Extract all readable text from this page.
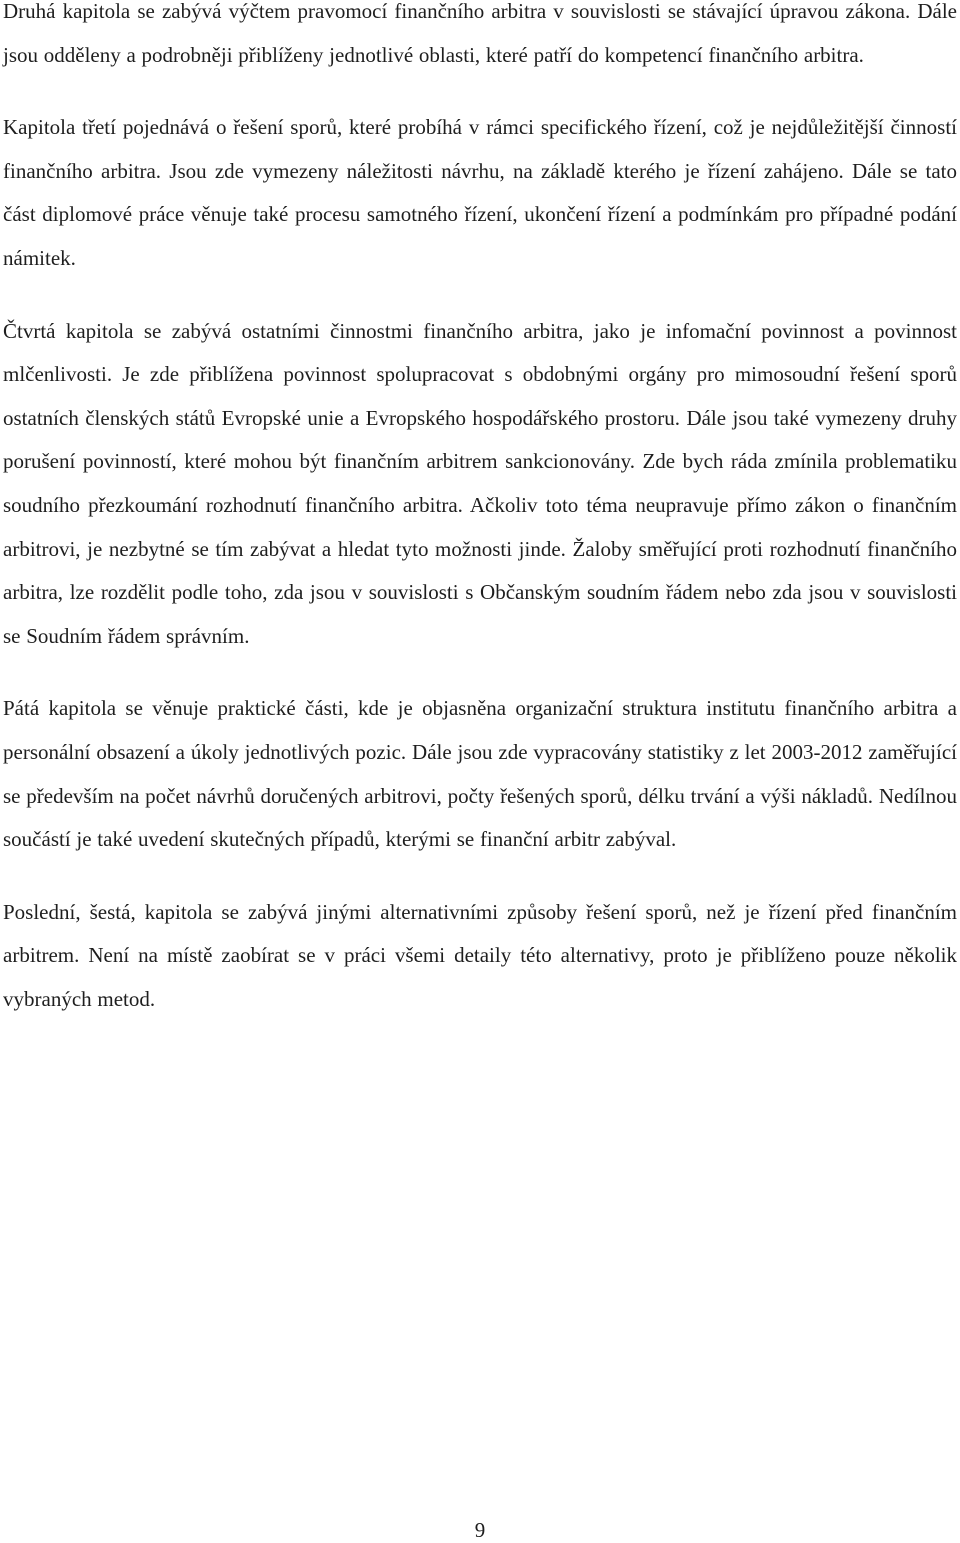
Druhá kapitola se zabývá výčtem pravomocí finančního arbitra v souvislosti se stávající úpravou zákona. Dále jsou odděleny a podrobněji přiblíženy jednotlivé oblasti, které patří do kompetencí finančního arbitra.

Kapitola třetí pojednává o řešení sporů, které probíhá v rámci specifického řízení, což je nejdůležitější činností finančního arbitra. Jsou zde vymezeny náležitosti návrhu, na základě kterého je řízení zahájeno. Dále se tato část diplomové práce věnuje také procesu samotného řízení, ukončení řízení a podmínkám pro případné podání námitek.

Čtvrtá kapitola se zabývá ostatními činnostmi finančního arbitra, jako je infomační povinnost a povinnost mlčenlivosti. Je zde přiblížena povinnost spolupracovat s obdobnými orgány pro mimosoudní řešení sporů ostatních členských států Evropské unie a Evropského hospodářského prostoru. Dále jsou také vymezeny druhy porušení povinností, které mohou být finančním arbitrem sankcionovány. Zde bych ráda zmínila problematiku soudního přezkoumání rozhodnutí finančního arbitra. Ačkoliv toto téma neupravuje přímo zákon o finančním arbitrovi, je nezbytné se tím zabývat a hledat tyto možnosti jinde. Žaloby směřující proti rozhodnutí finančního arbitra, lze rozdělit podle toho, zda jsou v souvislosti s Občanským soudním řádem nebo zda jsou v souvislosti se Soudním řádem správním.

Pátá kapitola se věnuje praktické části, kde je objasněna organizační struktura institutu finančního arbitra a personální obsazení a úkoly jednotlivých pozic. Dále jsou zde vypracovány statistiky z let 2003-2012 zaměřující se především na počet návrhů doručených arbitrovi, počty řešených sporů, délku trvání a výši nákladů. Nedílnou součástí je také uvedení skutečných případů, kterými se finanční arbitr zabýval.

Poslední, šestá, kapitola se zabývá jinými alternativními způsoby řešení sporů, než je řízení před finančním arbitrem. Není na místě zaobírat se v práci všemi detaily této alternativy, proto je přiblíženo pouze několik vybraných metod.

9
